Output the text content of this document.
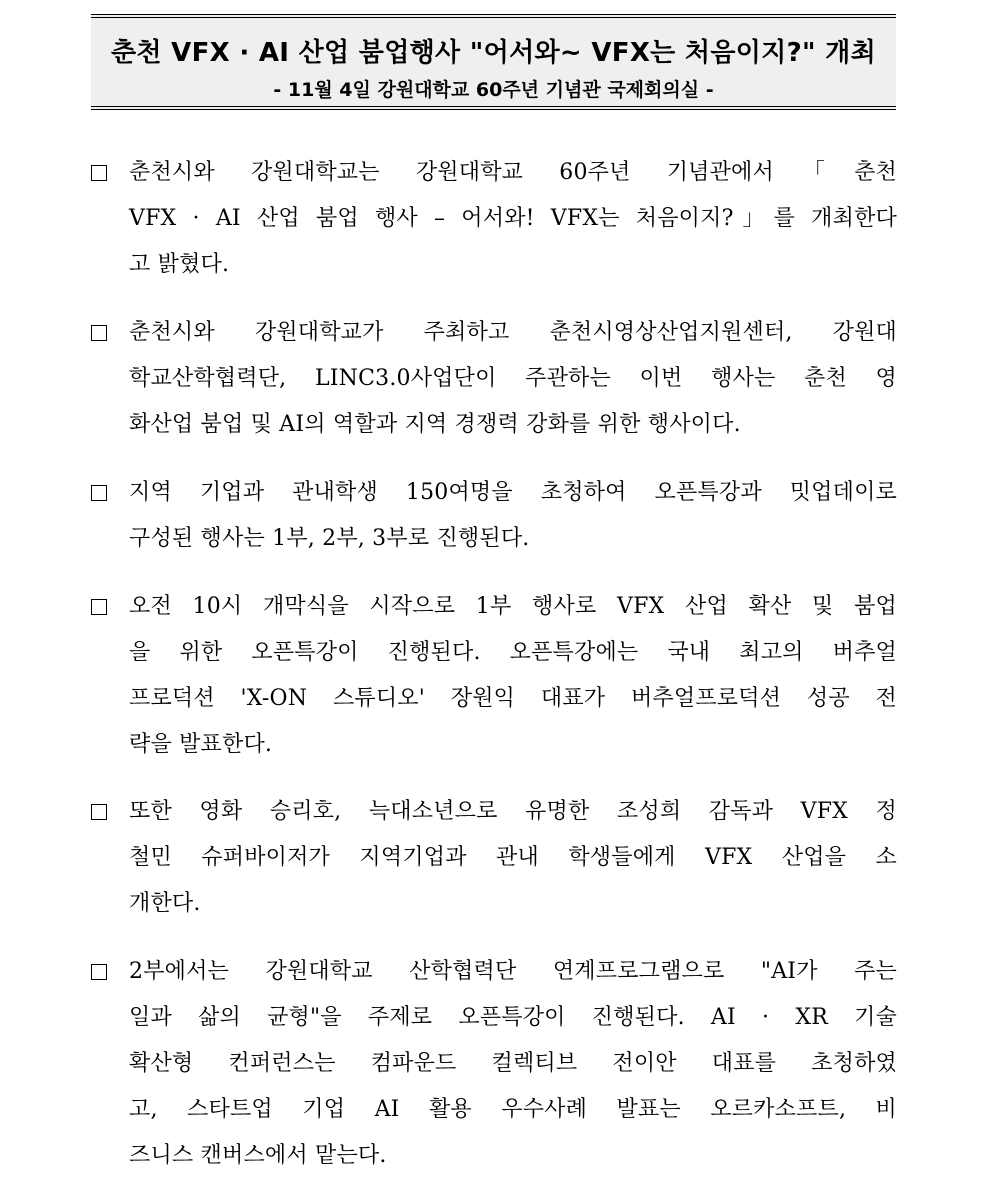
춘천 VFX · AI 산업 붐업행사 "어서와~ VFX는 처음이지?" 개최
- 11월 4일 강원대학교 60주년 기념관 국제회의실 -
춘천시와 강원대학교는 강원대학교 60주년 기념관에서「춘천
VFX · AI 산업 붐업 행사 – 어서와! VFX는 처음이지?」를 개최한다
고 밝혔다.
춘천시와 강원대학교가 주최하고 춘천시영상산업지원센터, 강원대
학교산학협력단, LINC3.0사업단이 주관하는 이번 행사는 춘천 영
화산업 붐업 및 AI의 역할과 지역 경쟁력 강화를 위한 행사이다.
지역 기업과 관내학생 150여명을 초청하여 오픈특강과 밋업데이로
구성된 행사는 1부, 2부, 3부로 진행된다.
오전 10시 개막식을 시작으로 1부 행사로 VFX 산업 확산 및 붐업
을 위한 오픈특강이 진행된다. 오픈특강에는 국내 최고의 버추얼
프로덕션 'X-ON 스튜디오' 장원익 대표가 버추얼프로덕션 성공 전
략을 발표한다.
또한 영화 승리호, 늑대소년으로 유명한 조성희 감독과 VFX 정
철민 슈퍼바이저가 지역기업과 관내 학생들에게 VFX 산업을 소
개한다.
2부에서는 강원대학교 산학협력단 연계프로그램으로 "AI가 주는
일과 삶의 균형"을 주제로 오픈특강이 진행된다. AI · XR 기술
확산형 컨퍼런스는 컴파운드 컬렉티브 전이안 대표를 초청하였
고, 스타트업 기업 AI 활용 우수사례 발표는 오르카소프트, 비
즈니스 캔버스에서 맡는다.
